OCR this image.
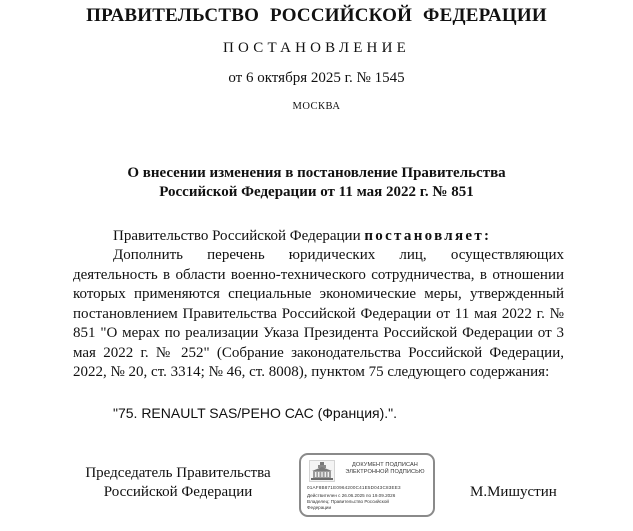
ПРАВИТЕЛЬСТВО РОССИЙСКОЙ ФЕДЕРАЦИИ
ПОСТАНОВЛЕНИЕ
от 6 октября 2025 г. № 1545
МОСКВА
О внесении изменения в постановление Правительства
Российской Федерации от 11 мая 2022 г. № 851
Правительство Российской Федерации постановляет:
Дополнить перечень юридических лиц, осуществляющих деятельность в области военно-технического сотрудничества, в отношении которых применяются специальные экономические меры, утвержденный постановлением Правительства Российской Федерации от 11 мая 2022 г. № 851 "О мерах по реализации Указа Президента Российской Федерации от 3 мая 2022 г. № 252" (Собрание законодательства Российской Федерации, 2022, № 20, ст. 3314; № 46, ст. 8008), пунктом 75 следующего содержания:
"75. RENAULT SAS/РЕНО САС (Франция).".
Председатель Правительства
Российской Федерации
ДОКУМЕНТ ПОДПИСАН
ЭЛЕКТРОННОЙ ПОДПИСЬЮ
01AF8B871E0964200C41E5D043C83EE3
Действителен с 26.06.2025 по 19.09.2026
Владелец: Правительство Российской
Федерации
М.Мишустин
